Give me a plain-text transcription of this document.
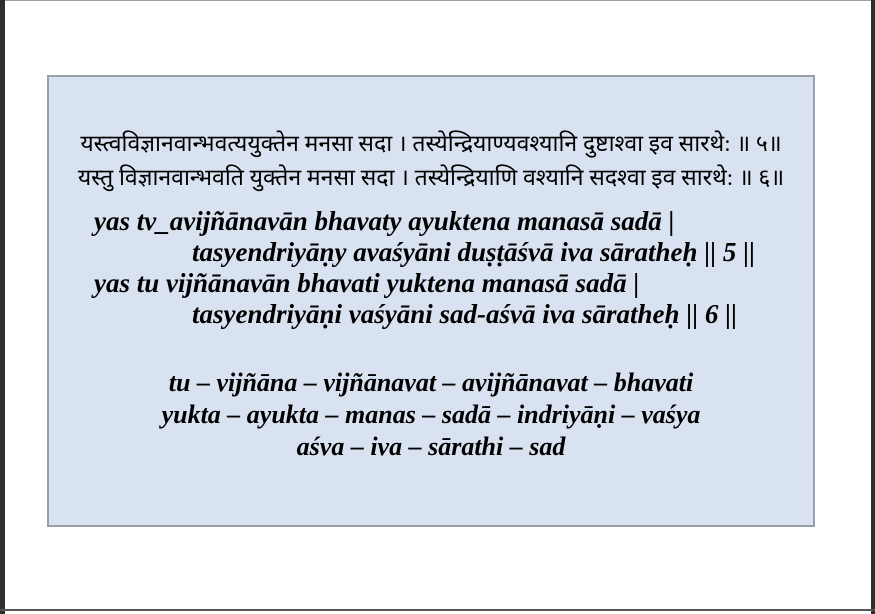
यस्त्वविज्ञानवान्भवत्ययुक्तेन मनसा सदा । तस्येन्द्रियाण्यवश्यानि दुष्टाश्वा इव सारथे: ॥ ५॥
यस्तु विज्ञानवान्भवति युक्तेन मनसा सदा । तस्येन्द्रियाणि वश्यानि सदश्वा इव सारथे: ॥ ६॥
yas tv_avijñānavān bhavaty ayuktena manasā sadā |
tasyendriyāṇy avaśyāni duṣṭāśvā iva sāratheḥ || 5 ||
yas tu vijñānavān bhavati yuktena manasā sadā |
tasyendriyāṇi vaśyāni sad-aśvā iva sāratheḥ || 6 ||
tu – vijñāna – vijñānavat – avijñānavat – bhavati
yukta – ayukta – manas – sadā – indriyāṇi – vaśya
aśva – iva – sārathi – sad
